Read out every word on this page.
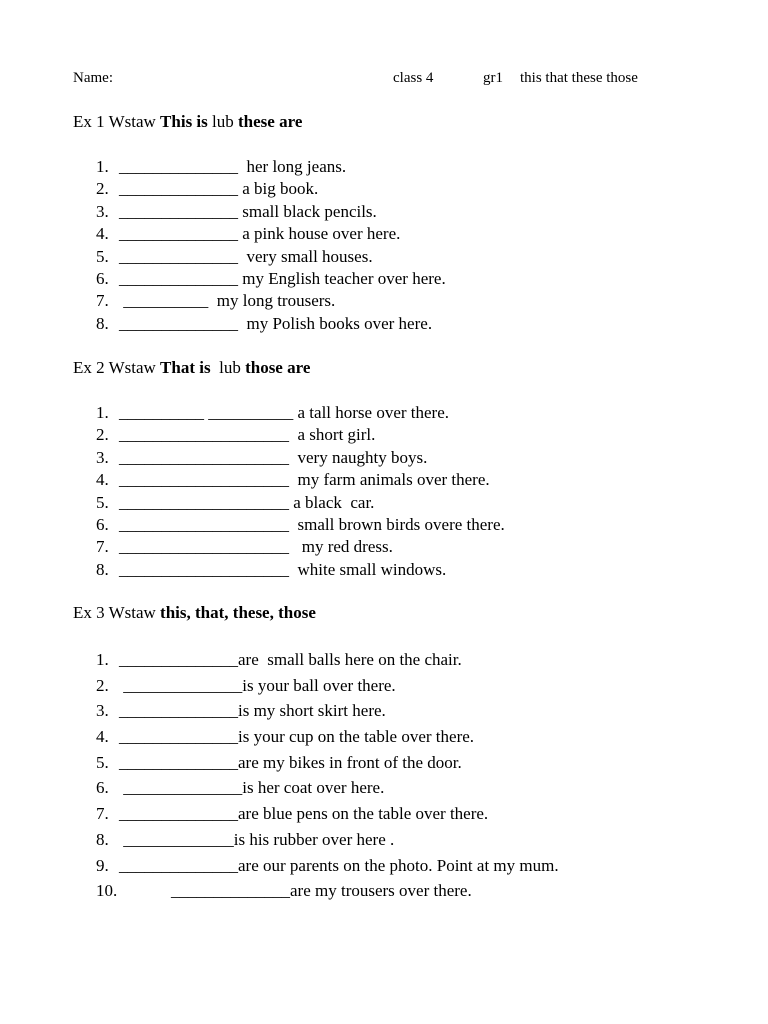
Name:	class 4	gr1 this that these those
Ex 1 Wstaw This is lub these are
1. ______________  her long jeans.
2. ______________ a big book.
3. ______________ small black pencils.
4. ______________ a pink house over here.
5. ______________  very small houses.
6. ______________ my English teacher over here.
7. __________  my long trousers.
8. ______________  my Polish books over here.
Ex 2 Wstaw That is  lub those are
1. __________ __________ a tall horse over there.
2. ____________________  a short girl.
3. ____________________  very naughty boys.
4. ____________________  my farm animals over there.
5. ____________________ a black  car.
6. ____________________  small brown birds overe there.
7. ____________________   my red dress.
8. ____________________  white small windows.
Ex 3 Wstaw this, that, these, those
1. ______________are  small balls here on the chair.
2. ______________is your ball over there.
3. ______________is my short skirt here.
4. ______________is your cup on the table over there.
5. ______________are my bikes in front of the door.
6. ______________is her coat over here.
7. ______________are blue pens on the table over there.
8. _____________is his rubber over here .
9. ______________are our parents on the photo. Point at my mum.
10.	______________are my trousers over there.
